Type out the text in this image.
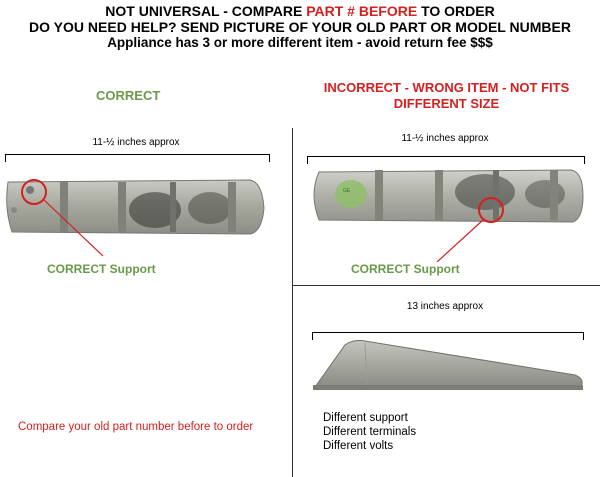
NOT UNIVERSAL - COMPARE PART # BEFORE TO ORDER
DO YOU NEED HELP? SEND PICTURE OF YOUR OLD PART OR MODEL NUMBER
Appliance has 3 or more different item - avoid return fee $$$
CORRECT
11-½ inches approx
CORRECT Support
Compare your old part number before to order
INCORRECT - WRONG ITEM - NOT FITS
DIFFERENT SIZE
11-½ inches approx
GE
CORRECT Support
13 inches approx
Different support
Different terminals
Different volts
